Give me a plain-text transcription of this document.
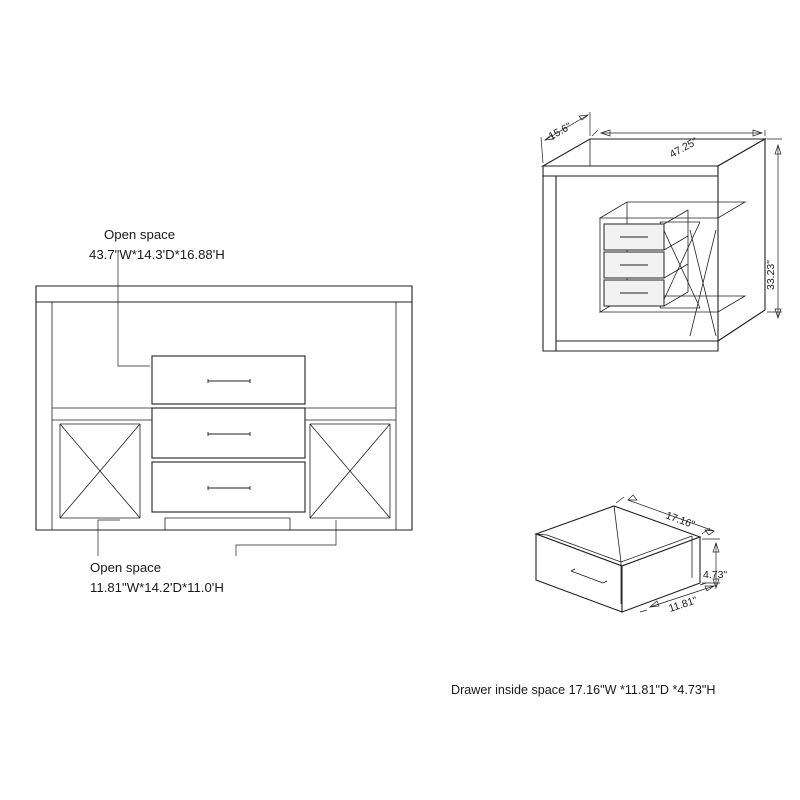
Open space
43.7"W*14.3'D*16.88'H
Open space
11.81"W*14.2'D*11.0'H
15.6"
47.25"
33.23"
17.16"
4.73"
11.81"
Drawer inside space 17.16"W *11.81"D *4.73"H
